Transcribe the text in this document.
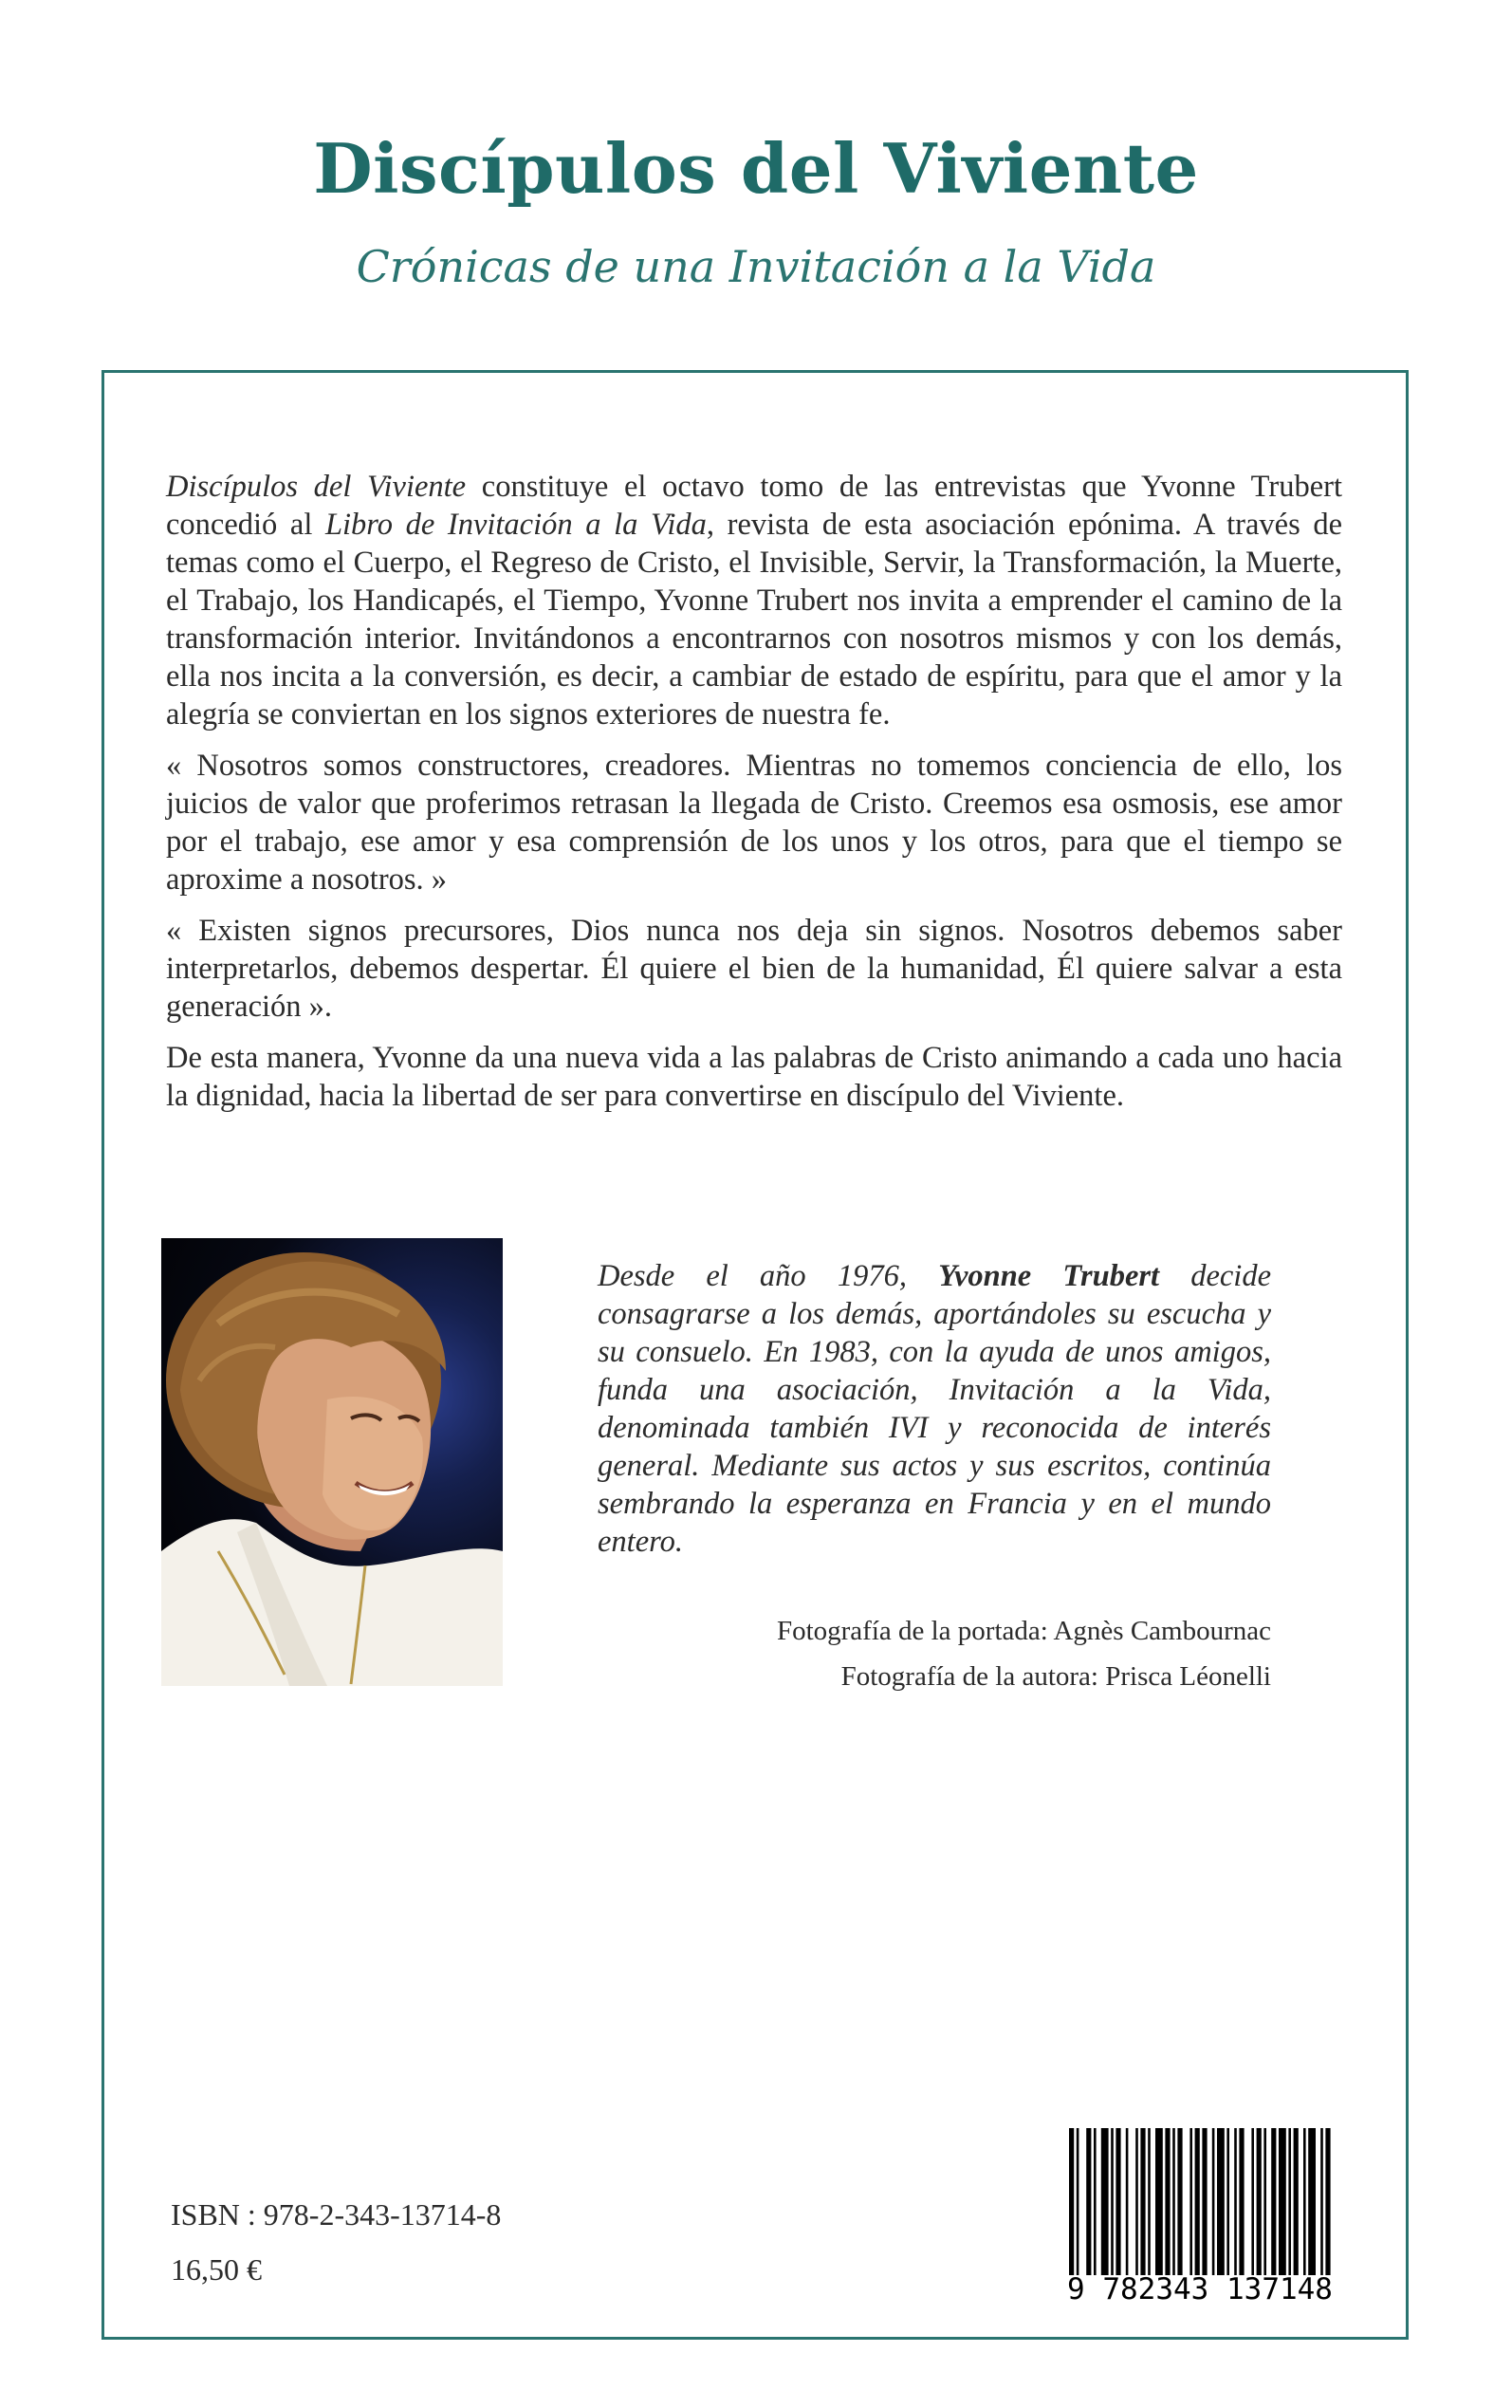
Discípulos del Viviente
Crónicas de una Invitación a la Vida

Discípulos del Viviente constituye el octavo tomo de las entrevistas que Yvonne Trubert concedió al Libro de Invitación a la Vida, revista de esta asociación epónima. A través de temas como el Cuerpo, el Regreso de Cristo, el Invisible, Servir, la Transformación, la Muerte, el Trabajo, los Handicapés, el Tiempo, Yvonne Trubert nos invita a emprender el camino de la transformación interior. Invitándonos a encontrarnos con nosotros mismos y con los demás, ella nos incita a la conversión, es decir, a cambiar de estado de espíritu, para que el amor y la alegría se conviertan en los signos exteriores de nuestra fe.

« Nosotros somos constructores, creadores. Mientras no tomemos conciencia de ello, los juicios de valor que proferimos retrasan la llegada de Cristo. Creemos esa osmosis, ese amor por el trabajo, ese amor y esa comprensión de los unos y los otros, para que el tiempo se aproxime a nosotros. »

« Existen signos precursores, Dios nunca nos deja sin signos. Nosotros debemos saber interpretarlos, debemos despertar. Él quiere el bien de la humanidad, Él quiere salvar a esta generación ».

De esta manera, Yvonne da una nueva vida a las palabras de Cristo animando a cada uno hacia la dignidad, hacia la libertad de ser para convertirse en discípulo del Viviente.

Desde el año 1976, Yvonne Trubert decide consagrarse a los demás, aportándoles su escucha y su consuelo. En 1983, con la ayuda de unos amigos, funda una asociación, Invitación a la Vida, denominada también IVI y reconocida de interés general. Mediante sus actos y sus escritos, continúa sembrando la esperanza en Francia y en el mundo entero.
Fotografía de la portada: Agnès Cambournac
Fotografía de la autora: Prisca Léonelli
ISBN : 978-2-343-13714-8
16,50 €
9 782343 137148
